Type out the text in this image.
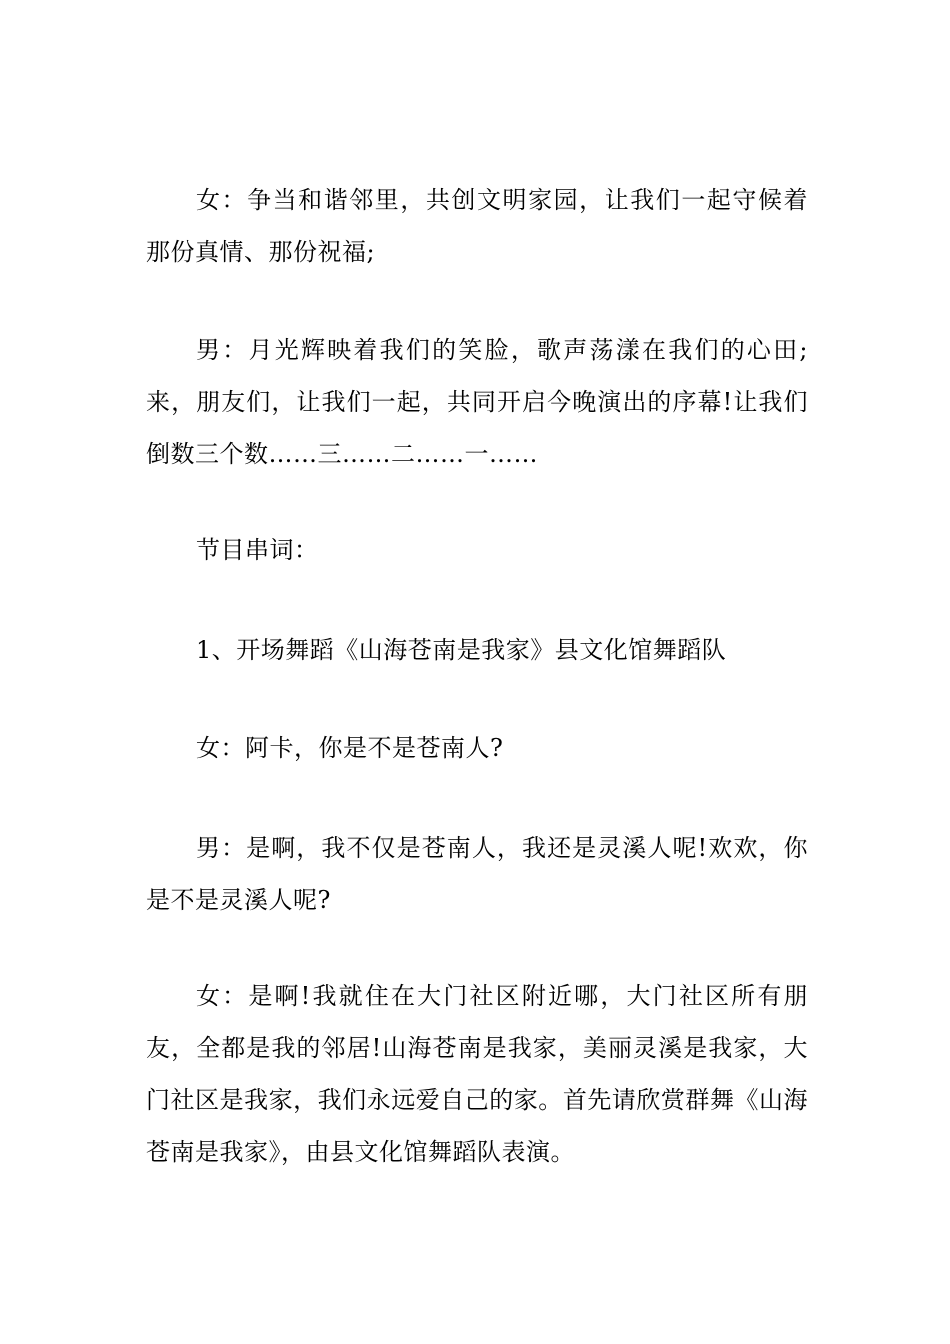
女：争当和谐邻里，共创文明家园，让我们一起守候着那份真情、那份祝福;

男：月光辉映着我们的笑脸，歌声荡漾在我们的心田;来，朋友们，让我们一起，共同开启今晚演出的序幕!让我们倒数三个数……三……二……一……

节目串词：

1、开场舞蹈《山海苍南是我家》县文化馆舞蹈队

女：阿卡，你是不是苍南人?

男：是啊，我不仅是苍南人，我还是灵溪人呢!欢欢，你是不是灵溪人呢?

女：是啊!我就住在大门社区附近哪，大门社区所有朋友，全都是我的邻居!山海苍南是我家，美丽灵溪是我家，大门社区是我家，我们永远爱自己的家。首先请欣赏群舞《山海苍南是我家》，由县文化馆舞蹈队表演。
